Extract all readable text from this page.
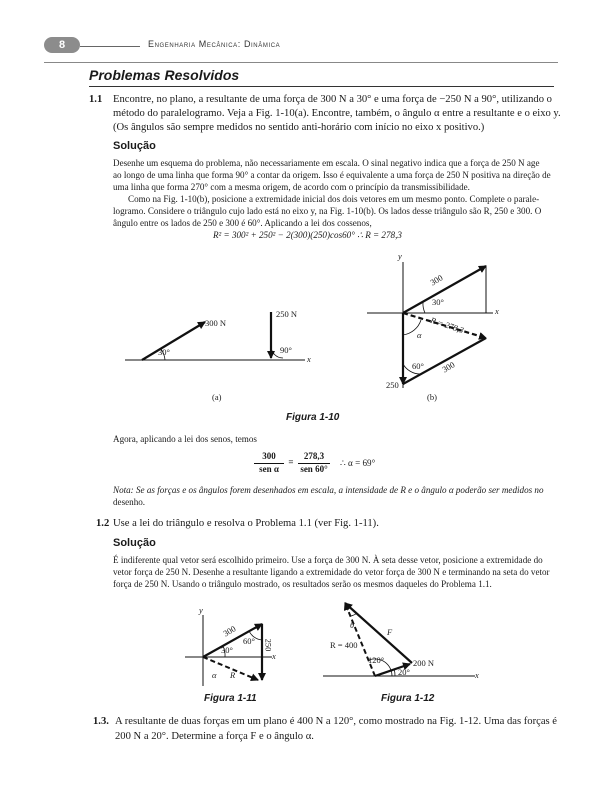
8	Engenharia Mecânica: Dinâmica
Problemas Resolvidos
1.1 Encontre, no plano, a resultante de uma força de 300 N a 30° e uma força de −250 N a 90°, utilizando o
método do paralelogramo. Veja a Fig. 1-10(a). Encontre, também, o ângulo α entre a resultante e o eixo y.
(Os ângulos são sempre medidos no sentido anti-horário com início no eixo x positivo.)
Solução
Desenhe um esquema do problema, não necessariamente em escala. O sinal negativo indica que a força de 250 N age
ao longo de uma linha que forma 90° a contar da origem. Isso é equivalente a uma força de 250 N positiva na direção de
uma linha que forma 270° com a mesma origem, de acordo com o princípio da transmissibilidade.
Como na Fig. 1-10(b), posicione a extremidade inicial dos dois vetores em um mesmo ponto. Complete o parale-
logramo. Considere o triângulo cujo lado está no eixo y, na Fig. 1-10(b). Os lados desse triângulo são R, 250 e 300. O
ângulo entre os lados de 250 e 300 é 60°. Aplicando a lei dos cossenos,
R² = 300² + 250² − 2(300)(250)cos60° ∴ R = 278,3
300 N
30°
250 N
90°
x
(a)
y
x
300
30°
R = 278,3
α
60° 300
250
(b)
Figura 1-10
Agora, aplicando a lei dos senos, temos
300
sen α
=
278,3
sen 60°
∴ α = 69°
Nota: Se as forças e os ângulos forem desenhados em escala, a intensidade de R e o ângulo α poderão ser medidos no
desenho.
1.2 Use a lei do triângulo e resolva o Problema 1.1 (ver Fig. 1-11).
Solução
É indiferente qual vetor será escolhido primeiro. Use a força de 300 N. À seta desse vetor, posicione a extremidade do
vetor força de 250 N. Desenhe a resultante ligando a extremidade do vetor força de 300 N e terminando na seta do vetor
força de 250 N. Usando o triângulo mostrado, os resultados serão os mesmos daqueles do Problema 1.1.
y
x
300
60° 250
30°
α R
Figura 1-11
θ
F
R = 400
120°	200 N
20°	x
Figura 1-12
1.3. A resultante de duas forças em um plano é 400 N a 120°, como mostrado na Fig. 1-12. Uma das forças é
200 N a 20°. Determine a força F e o ângulo α.
